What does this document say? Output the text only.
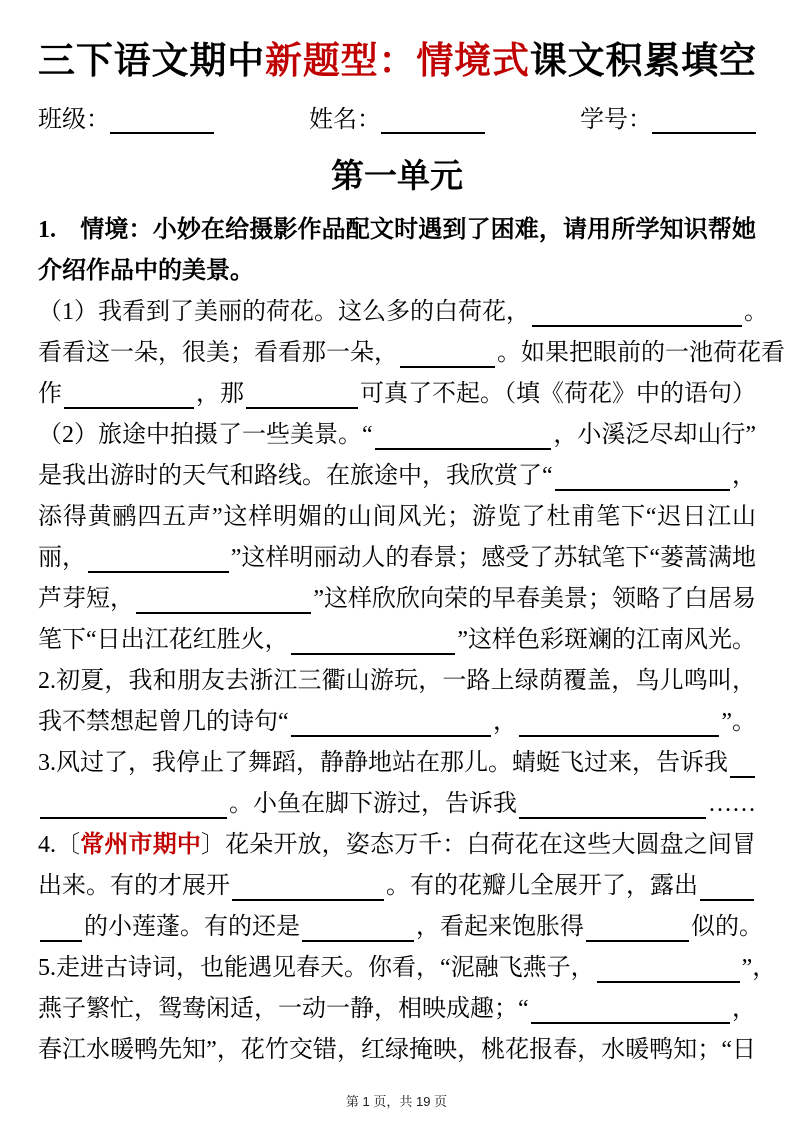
三下语文期中新题型：情境式课文积累填空
班级：	姓名：	学号：
第一单元
1.　情境：小妙在给摄影作品配文时遇到了困难，请用所学知识帮她
介绍作品中的美景。
（1）我看到了美丽的荷花。这么多的白荷花，	。
看看这一朵，很美；看看那一朵，	。如果把眼前的一池荷花看
作	，那	可真了不起。（填《荷花》中的语句）
（2）旅途中拍摄了一些美景。“	，小溪泛尽却山行”
是我出游时的天气和路线。在旅途中，我欣赏了“	，
添得黄鹂四五声”这样明媚的山间风光；游览了杜甫笔下“迟日江山
丽，	”这样明丽动人的春景；感受了苏轼笔下“蒌蒿满地
芦芽短，	”这样欣欣向荣的早春美景；领略了白居易
笔下“日出江花红胜火，	”这样色彩斑斓的江南风光。
2.初夏，我和朋友去浙江三衢山游玩，一路上绿荫覆盖，鸟儿鸣叫，
我不禁想起曾几的诗句“	，	”。
3.风过了，我停止了舞蹈，静静地站在那儿。蜻蜓飞过来，告诉我
。小鱼在脚下游过，告诉我	……
4.〔常州市期中〕花朵开放，姿态万千：白荷花在这些大圆盘之间冒
出来。有的才展开	。有的花瓣儿全展开了，露出
的小莲蓬。有的还是	，看起来饱胀得	似的。
5.走进古诗词，也能遇见春天。你看，“泥融飞燕子，	”，
燕子繁忙，鸳鸯闲适，一动一静，相映成趣；“	，
春江水暖鸭先知”，花竹交错，红绿掩映，桃花报春，水暖鸭知；“日
第 1 页，共 19 页
